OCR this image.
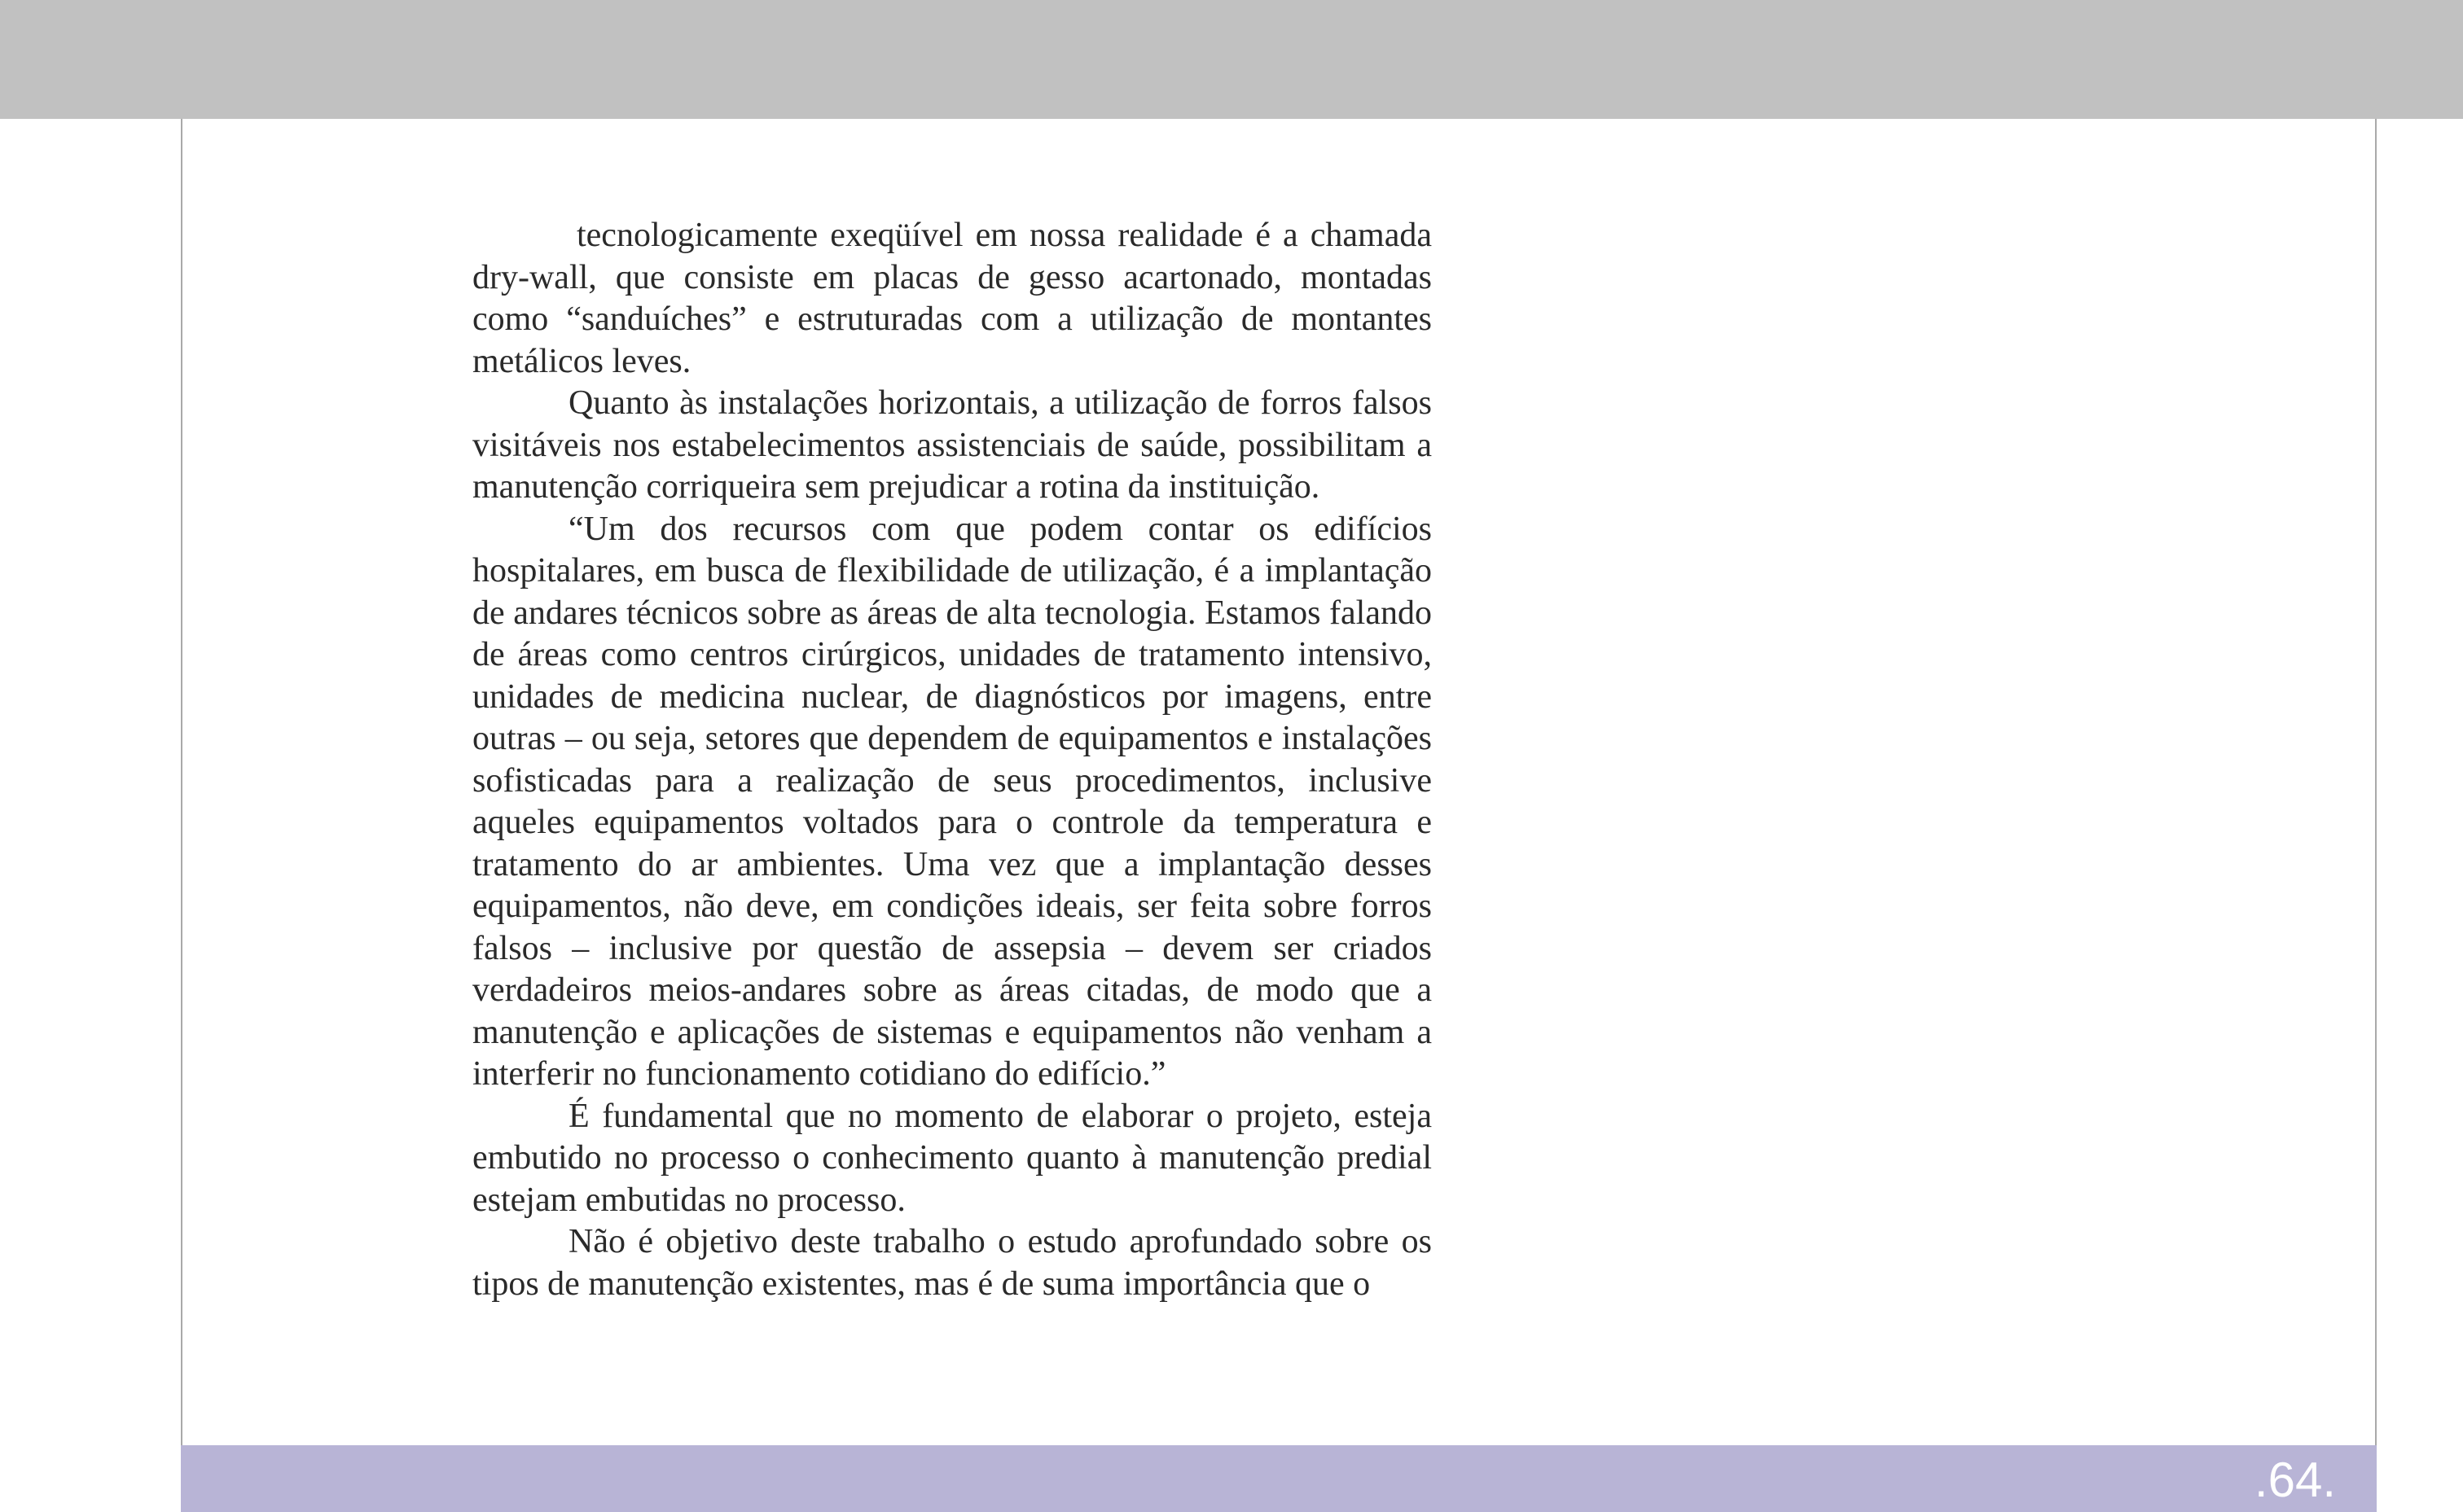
tecnologicamente exeqüível em nossa realidade é a chamada dry-wall, que consiste em placas de gesso acartonado, montadas como “sanduíches” e estruturadas com a utilização de montantes metálicos leves.

Quanto às instalações horizontais, a utilização de forros falsos visitáveis nos estabelecimentos assistenciais de saúde, possibilitam a manutenção corriqueira sem prejudicar a rotina da instituição.

“Um dos recursos com que podem contar os edifícios hospitalares, em busca de flexibilidade de utilização, é a implantação de andares técnicos sobre as áreas de alta tecnologia. Estamos falando de áreas como centros cirúrgicos, unidades de tratamento intensivo, unidades de medicina nuclear, de diagnósticos por imagens, entre outras – ou seja, setores que dependem de equipamentos e instalações sofisticadas para a realização de seus procedimentos, inclusive aqueles equipamentos voltados para o controle da temperatura e tratamento do ar ambientes. Uma vez que a implantação desses equipamentos, não deve, em condições ideais, ser feita sobre forros falsos – inclusive por questão de assepsia – devem ser criados verdadeiros meios-andares sobre as áreas citadas, de modo que a manutenção e aplicações de sistemas e equipamentos não venham a interferir no funcionamento cotidiano do edifício.”

É fundamental que no momento de elaborar o projeto, esteja embutido no processo o conhecimento quanto à manutenção predial estejam embutidas no processo.

Não é objetivo deste trabalho o estudo aprofundado sobre os tipos de manutenção existentes, mas é de suma importância que o

.64.
